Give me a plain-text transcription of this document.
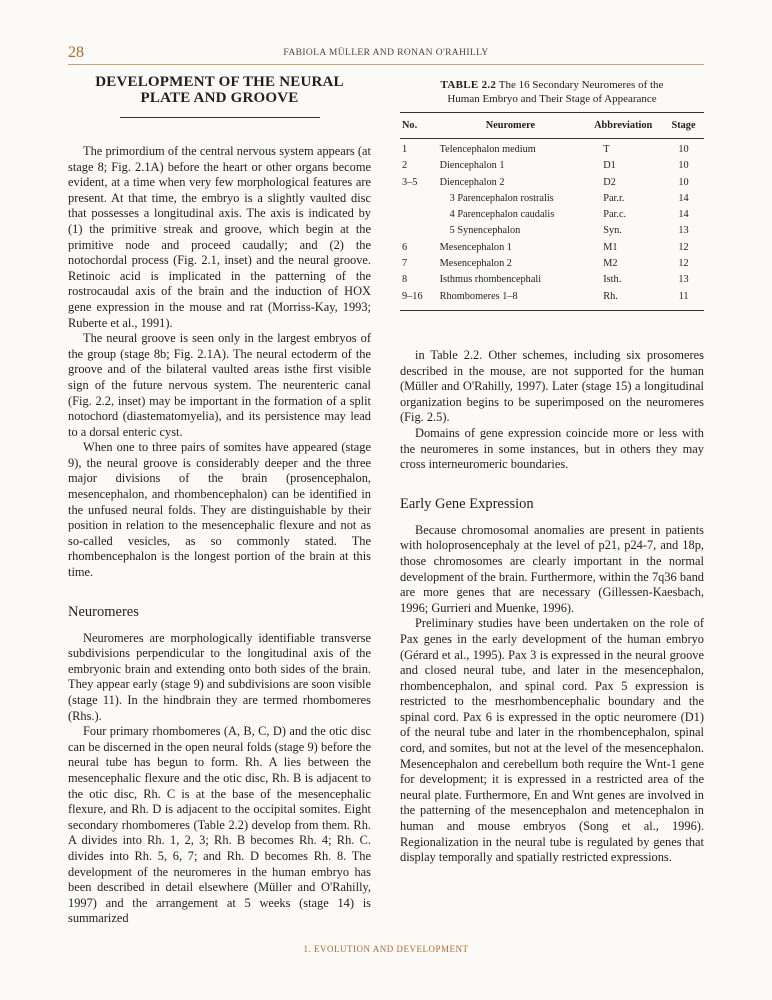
28	FABIOLA MÜLLER AND RONAN O'RAHILLY
DEVELOPMENT OF THE NEURAL
PLATE AND GROOVE

The primordium of the central nervous system appears (at stage 8; Fig. 2.1A) before the heart or other organs become evident, at a time when very few morphological features are present. At that time, the embryo is a slightly vaulted disc that possesses a longitudinal axis. The axis is indicated by (1) the primitive streak and groove, which begin at the primitive node and proceed caudally; and (2) the notochordal process (Fig. 2.1, inset) and the neural groove. Retinoic acid is implicated in the patterning of the rostrocaudal axis of the brain and the induction of HOX gene expression in the mouse and rat (Morriss-Kay, 1993; Ruberte et al., 1991).

The neural groove is seen only in the largest embryos of the group (stage 8b; Fig. 2.1A). The neural ectoderm of the groove and of the bilateral vaulted areas isthe first visible sign of the future nervous system. The neurenteric canal (Fig. 2.2, inset) may be important in the formation of a split notochord (diastematomyelia), and its persistence may lead to a dorsal enteric cyst.

When one to three pairs of somites have appeared (stage 9), the neural groove is considerably deeper and the three major divisions of the brain (prosencephalon, mesencephalon, and rhombencephalon) can be identified in the unfused neural folds. They are distinguishable by their position in relation to the mesencephalic flexure and not as so-called vesicles, as so commonly stated. The rhombencephalon is the longest portion of the brain at this time.

Neuromeres

Neuromeres are morphologically identifiable transverse subdivisions perpendicular to the longitudinal axis of the embryonic brain and extending onto both sides of the brain. They appear early (stage 9) and subdivisions are soon visible (stage 11). In the hindbrain they are termed rhombomeres (Rhs.).

Four primary rhombomeres (A, B, C, D) and the otic disc can be discerned in the open neural folds (stage 9) before the neural tube has begun to form. Rh. A lies between the mesencephalic flexure and the otic disc, Rh. B is adjacent to the otic disc, Rh. C is at the base of the mesencephalic flexure, and Rh. D is adjacent to the occipital somites. Eight secondary rhombomeres (Table 2.2) develop from them. Rh. A divides into Rh. 1, 2, 3; Rh. B becomes Rh. 4; Rh. C. divides into Rh. 5, 6, 7; and Rh. D becomes Rh. 8. The development of the neuromeres in the human embryo has been described in detail elsewhere (Müller and O'Rahilly, 1997) and the arrangement at 5 weeks (stage 14) is summarized

TABLE 2.2 The 16 Secondary Neuromeres of the
Human Embryo and Their Stage of Appearance
No.	Neuromere	Abbreviation	Stage
1	Telencephalon medium	T	10
2	Diencephalon 1	D1	10
3–5	Diencephalon 2	D2	10
	3 Parencephalon rostralis	Par.r.	14
	4 Parencephalon caudalis	Par.c.	14
	5 Synencephalon	Syn.	13
6	Mesencephalon 1	M1	12
7	Mesencephalon 2	M2	12
8	Isthmus rhombencephali	Isth.	13
9–16	Rhombomeres 1–8	Rh.	11

in Table 2.2. Other schemes, including six prosomeres described in the mouse, are not supported for the human (Müller and O'Rahilly, 1997). Later (stage 15) a longitudinal organization begins to be superimposed on the neuromeres (Fig. 2.5).

Domains of gene expression coincide more or less with the neuromeres in some instances, but in others they may cross interneuromeric boundaries.

Early Gene Expression

Because chromosomal anomalies are present in patients with holoprosencephaly at the level of p21, p24-7, and 18p, those chromosomes are clearly important in the normal development of the brain. Furthermore, within the 7q36 band are more genes that are necessary (Gillessen-Kaesbach, 1996; Gurrieri and Muenke, 1996).

Preliminary studies have been undertaken on the role of Pax genes in the early development of the human embryo (Gérard et al., 1995). Pax 3 is expressed in the neural groove and closed neural tube, and later in the mesencephalon, rhombencephalon, and spinal cord. Pax 5 expression is restricted to the mesrhombencephalic boundary and the spinal cord. Pax 6 is expressed in the optic neuromere (D1) of the neural tube and later in the rhombencephalon, spinal cord, and somites, but not at the level of the mesencephalon. Mesencephalon and cerebellum both require the Wnt-1 gene for development; it is expressed in a restricted area of the neural plate. Furthermore, En and Wnt genes are involved in the patterning of the mesencephalon and metencephalon in human and mouse embryos (Song et al., 1996). Regionalization in the neural tube is regulated by genes that display temporally and spatially restricted expressions.

1. EVOLUTION AND DEVELOPMENT
